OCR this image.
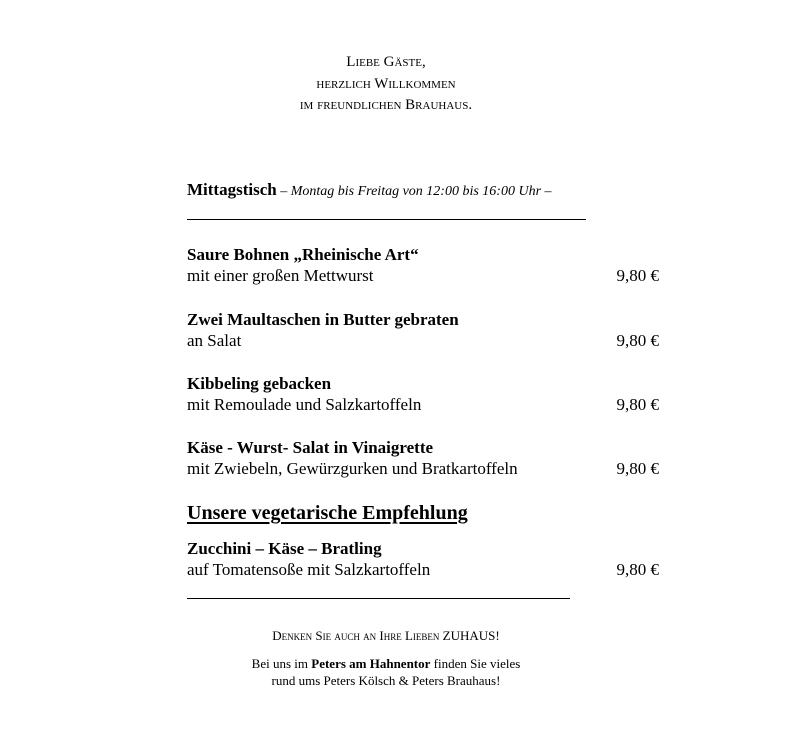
Liebe Gäste,
herzlich Willkommen
im freundlichen Brauhaus.
Mittagstisch – Montag bis Freitag von 12:00 bis 16:00 Uhr –
Saure Bohnen „Rheinische Art“
mit einer großen Mettwurst	9,80 €
Zwei Maultaschen in Butter gebraten
an Salat	9,80 €
Kibbeling gebacken
mit Remoulade und Salzkartoffeln	9,80 €
Käse - Wurst- Salat in Vinaigrette
mit Zwiebeln, Gewürzgurken und Bratkartoffeln	9,80 €
Unsere vegetarische Empfehlung
Zucchini – Käse – Bratling
auf Tomatensoße mit Salzkartoffeln	9,80 €
Denken Sie auch an Ihre Lieben ZUHAUS!
Bei uns im Peters am Hahnentor finden Sie vieles
rund ums Peters Kölsch & Peters Brauhaus!
